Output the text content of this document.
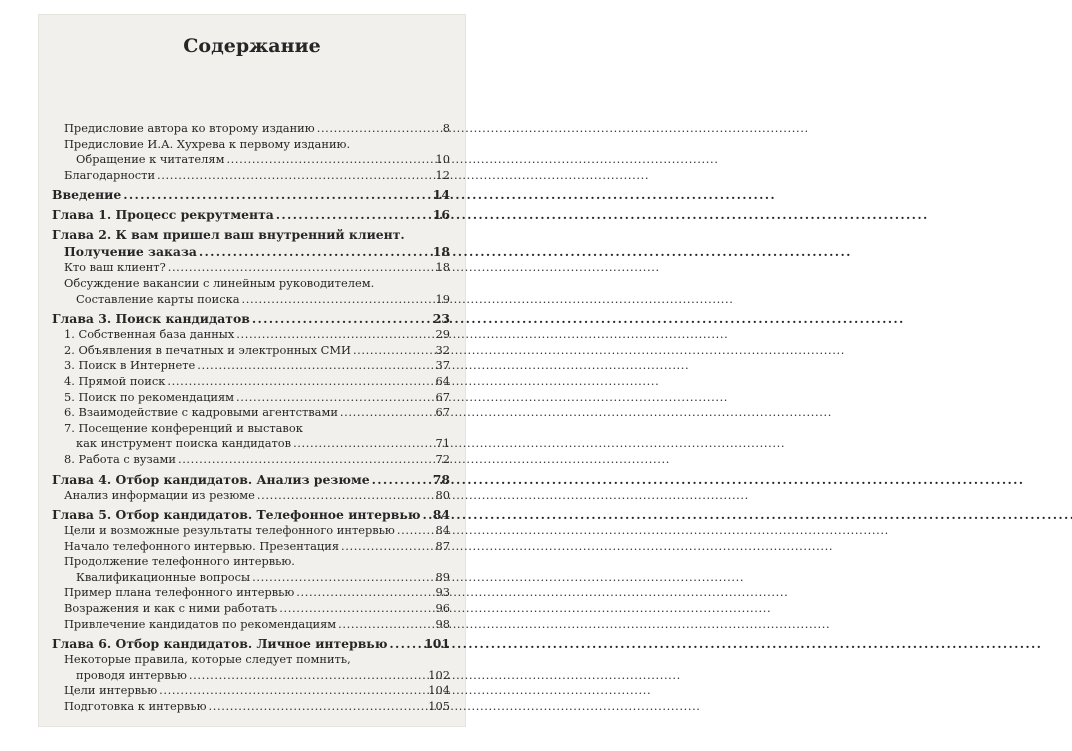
Содержание
Предисловие автора ко второму изданию . . .	8
Предисловие И.А. Хухрева к первому изданию.
Обращение к читателям . . .	10
Благодарности . . .	12
Введение . . .	14
Глава 1. Процесс рекрутмента . . .	16
Глава 2. К вам пришел ваш внутренний клиент.
Получение заказа . . .	18
Кто ваш клиент? . . .	18
Обсуждение вакансии с линейным руководителем.
Составление карты поиска . . .	19
Глава 3. Поиск кандидатов . . .	23
1. Собственная база данных . . .	29
2. Объявления в печатных и электронных СМИ . . .	32
3. Поиск в Интернете . . .	37
4. Прямой поиск . . .	64
5. Поиск по рекомендациям . . .	67
6. Взаимодействие с кадровыми агентствами . . .	67
7. Посещение конференций и выставок
как инструмент поиска кандидатов . . .	71
8. Работа с вузами . . .	72
Глава 4. Отбор кандидатов. Анализ резюме . . .	78
Анализ информации из резюме . . .	80
Глава 5. Отбор кандидатов. Телефонное интервью . . . 84
Цели и возможные результаты телефонного интервью . . .	84
Начало телефонного интервью. Презентация . . .	87
Продолжение телефонного интервью.
Квалификационные вопросы . . .	89
Пример плана телефонного интервью . . .	93
Возражения и как с ними работать . . .	96
Привлечение кандидатов по рекомендациям . . .	98
Глава 6. Отбор кандидатов. Личное интервью . . .	101
Некоторые правила, которые следует помнить,
проводя интервью . . .	102
Цели интервью . . .	104
Подготовка к интервью . . .	105
